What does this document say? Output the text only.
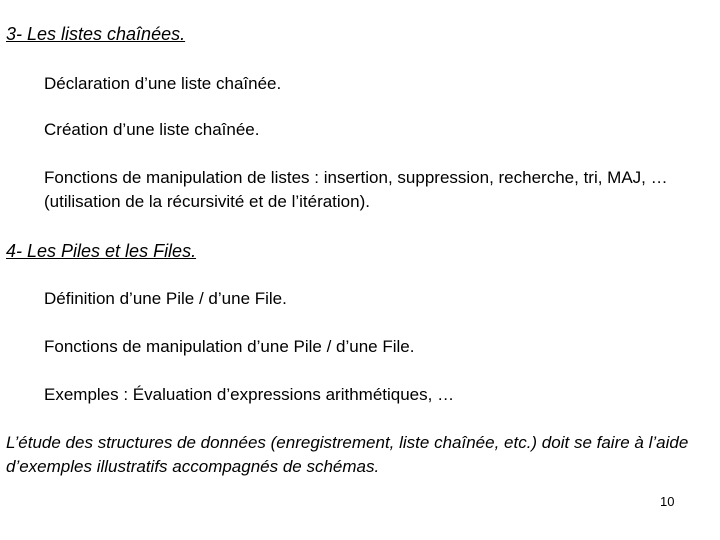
3- Les listes chaînées.
Déclaration d’une liste chaînée.
Création d’une liste chaînée.
Fonctions de manipulation de listes : insertion, suppression, recherche, tri, MAJ, … (utilisation de la récursivité et de l’itération).
4- Les Piles et les Files.
Définition d’une Pile / d’une File.
Fonctions de manipulation d’une Pile / d’une File.
Exemples : Évaluation d’expressions arithmétiques, …
L’étude des structures de données (enregistrement, liste chaînée, etc.) doit se faire à l’aide d’exemples illustratifs accompagnés de schémas.
10
